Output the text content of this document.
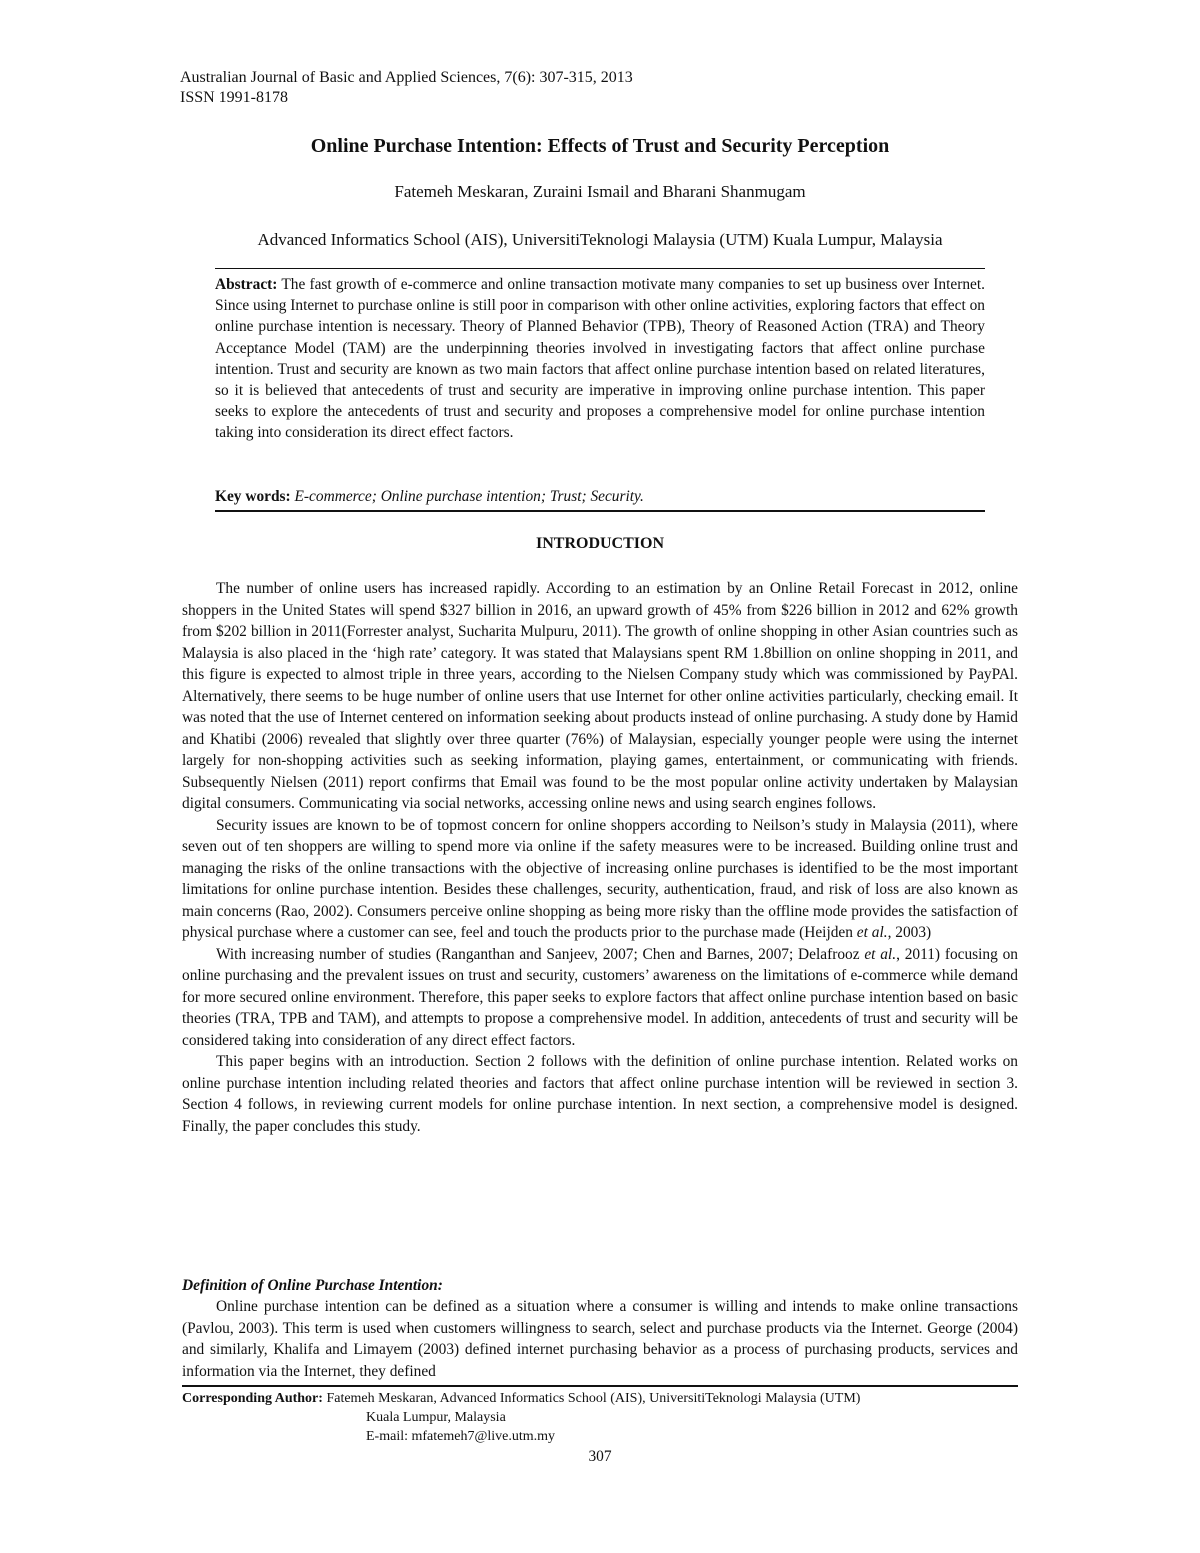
Australian Journal of Basic and Applied Sciences, 7(6): 307-315, 2013
ISSN 1991-8178
Online Purchase Intention: Effects of Trust and Security Perception
Fatemeh Meskaran, Zuraini Ismail and Bharani Shanmugam
Advanced Informatics School (AIS), UniversitiTeknologi Malaysia (UTM) Kuala Lumpur, Malaysia
Abstract: The fast growth of e-commerce and online transaction motivate many companies to set up business over Internet. Since using Internet to purchase online is still poor in comparison with other online activities, exploring factors that effect on online purchase intention is necessary. Theory of Planned Behavior (TPB), Theory of Reasoned Action (TRA) and Theory Acceptance Model (TAM) are the underpinning theories involved in investigating factors that affect online purchase intention. Trust and security are known as two main factors that affect online purchase intention based on related literatures, so it is believed that antecedents of trust and security are imperative in improving online purchase intention. This paper seeks to explore the antecedents of trust and security and proposes a comprehensive model for online purchase intention taking into consideration its direct effect factors.
Key words: E-commerce; Online purchase intention; Trust; Security.
INTRODUCTION

The number of online users has increased rapidly. According to an estimation by an Online Retail Forecast in 2012, online shoppers in the United States will spend $327 billion in 2016, an upward growth of 45% from $226 billion in 2012 and 62% growth from $202 billion in 2011(Forrester analyst, Sucharita Mulpuru, 2011). The growth of online shopping in other Asian countries such as Malaysia is also placed in the ‘high rate’ category. It was stated that Malaysians spent RM 1.8billion on online shopping in 2011, and this figure is expected to almost triple in three years, according to the Nielsen Company study which was commissioned by PayPAl. Alternatively, there seems to be huge number of online users that use Internet for other online activities particularly, checking email. It was noted that the use of Internet centered on information seeking about products instead of online purchasing. A study done by Hamid and Khatibi (2006) revealed that slightly over three quarter (76%) of Malaysian, especially younger people were using the internet largely for non-shopping activities such as seeking information, playing games, entertainment, or communicating with friends. Subsequently Nielsen (2011) report confirms that Email was found to be the most popular online activity undertaken by Malaysian digital consumers. Communicating via social networks, accessing online news and using search engines follows.

Security issues are known to be of topmost concern for online shoppers according to Neilson’s study in Malaysia (2011), where seven out of ten shoppers are willing to spend more via online if the safety measures were to be increased. Building online trust and managing the risks of the online transactions with the objective of increasing online purchases is identified to be the most important limitations for online purchase intention. Besides these challenges, security, authentication, fraud, and risk of loss are also known as main concerns (Rao, 2002). Consumers perceive online shopping as being more risky than the offline mode provides the satisfaction of physical purchase where a customer can see, feel and touch the products prior to the purchase made (Heijden et al., 2003)

With increasing number of studies (Ranganthan and Sanjeev, 2007; Chen and Barnes, 2007; Delafrooz et al., 2011) focusing on online purchasing and the prevalent issues on trust and security, customers’ awareness on the limitations of e-commerce while demand for more secured online environment. Therefore, this paper seeks to explore factors that affect online purchase intention based on basic theories (TRA, TPB and TAM), and attempts to propose a comprehensive model. In addition, antecedents of trust and security will be considered taking into consideration of any direct effect factors.

This paper begins with an introduction. Section 2 follows with the definition of online purchase intention. Related works on online purchase intention including related theories and factors that affect online purchase intention will be reviewed in section 3. Section 4 follows, in reviewing current models for online purchase intention. In next section, a comprehensive model is designed. Finally, the paper concludes this study.

Definition of Online Purchase Intention:

Online purchase intention can be defined as a situation where a consumer is willing and intends to make online transactions (Pavlou, 2003). This term is used when customers willingness to search, select and purchase products via the Internet. George (2004) and similarly, Khalifa and Limayem (2003) defined internet purchasing behavior as a process of purchasing products, services and information via the Internet, they defined

Corresponding Author: Fatemeh Meskaran, Advanced Informatics School (AIS), UniversitiTeknologi Malaysia (UTM)
Kuala Lumpur, Malaysia
E-mail: mfatemeh7@live.utm.my
307
